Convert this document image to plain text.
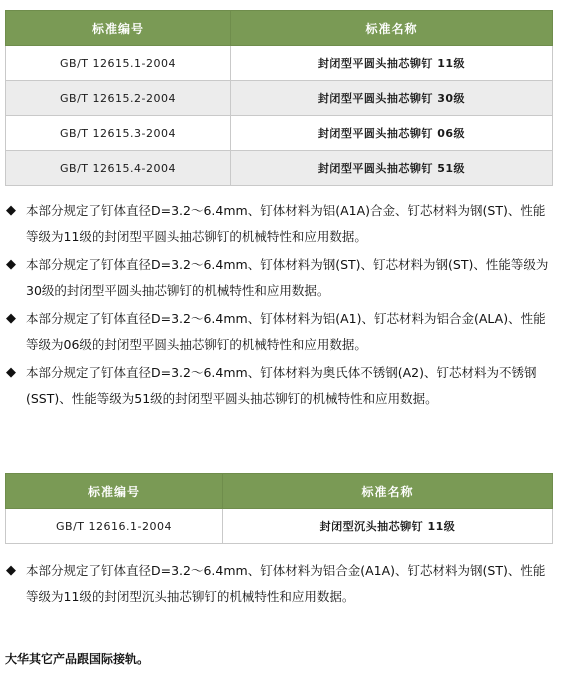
标准编号	标准名称
GB/T 12615.1-2004	封闭型平圆头抽芯铆钉 11级
GB/T 12615.2-2004	封闭型平圆头抽芯铆钉 30级
GB/T 12615.3-2004	封闭型平圆头抽芯铆钉 06级
GB/T 12615.4-2004	封闭型平圆头抽芯铆钉 51级
◆ 本部分规定了钉体直径D=3.2～6.4mm、钉体材料为铝(A1A)合金、钉芯材料为钢(ST)、性能等级为11级的封闭型平圆头抽芯铆钉的机械特性和应用数据。
◆ 本部分规定了钉体直径D=3.2～6.4mm、钉体材料为钢(ST)、钉芯材料为钢(ST)、性能等级为30级的封闭型平圆头抽芯铆钉的机械特性和应用数据。
◆ 本部分规定了钉体直径D=3.2～6.4mm、钉体材料为铝(A1)、钉芯材料为铝合金(ALA)、性能等级为06级的封闭型平圆头抽芯铆钉的机械特性和应用数据。
◆ 本部分规定了钉体直径D=3.2～6.4mm、钉体材料为奥氏体不锈钢(A2)、钉芯材料为不锈钢(SST)、性能等级为51级的封闭型平圆头抽芯铆钉的机械特性和应用数据。
标准编号	标准名称
GB/T 12616.1-2004	封闭型沉头抽芯铆钉 11级
◆ 本部分规定了钉体直径D=3.2～6.4mm、钉体材料为铝合金(A1A)、钉芯材料为钢(ST)、性能等级为11级的封闭型沉头抽芯铆钉的机械特性和应用数据。
大华其它产品跟国际接轨。
